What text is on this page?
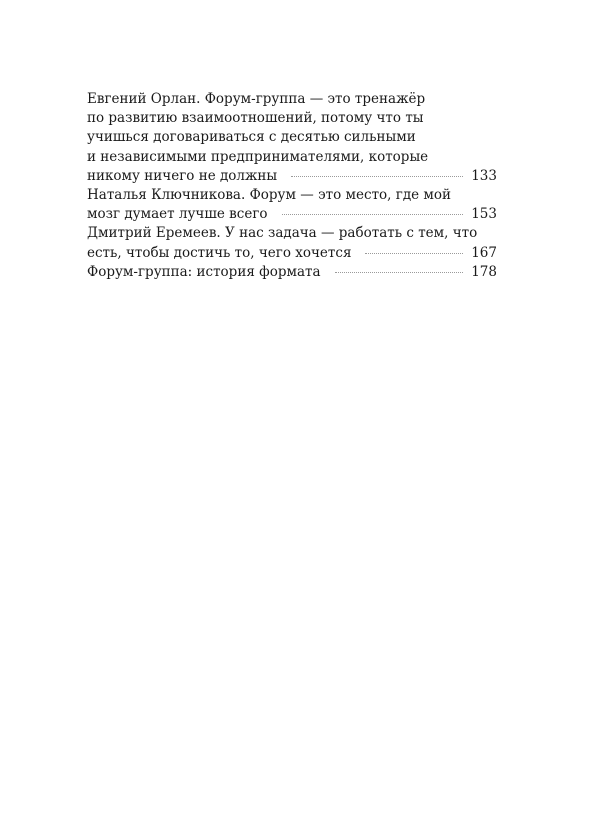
Евгений Орлан. Форум-группа — это тренажёр
по развитию взаимоотношений, потому что ты
учишься договариваться с десятью сильными
и независимыми предпринимателями, которые
никому ничего не должны	133
Наталья Ключникова. Форум — это место, где мой
мозг думает лучше всего	153
Дмитрий Еремеев. У нас задача — работать с тем, что
есть, чтобы достичь то, чего хочется	167
Форум-группа: история формата	178
